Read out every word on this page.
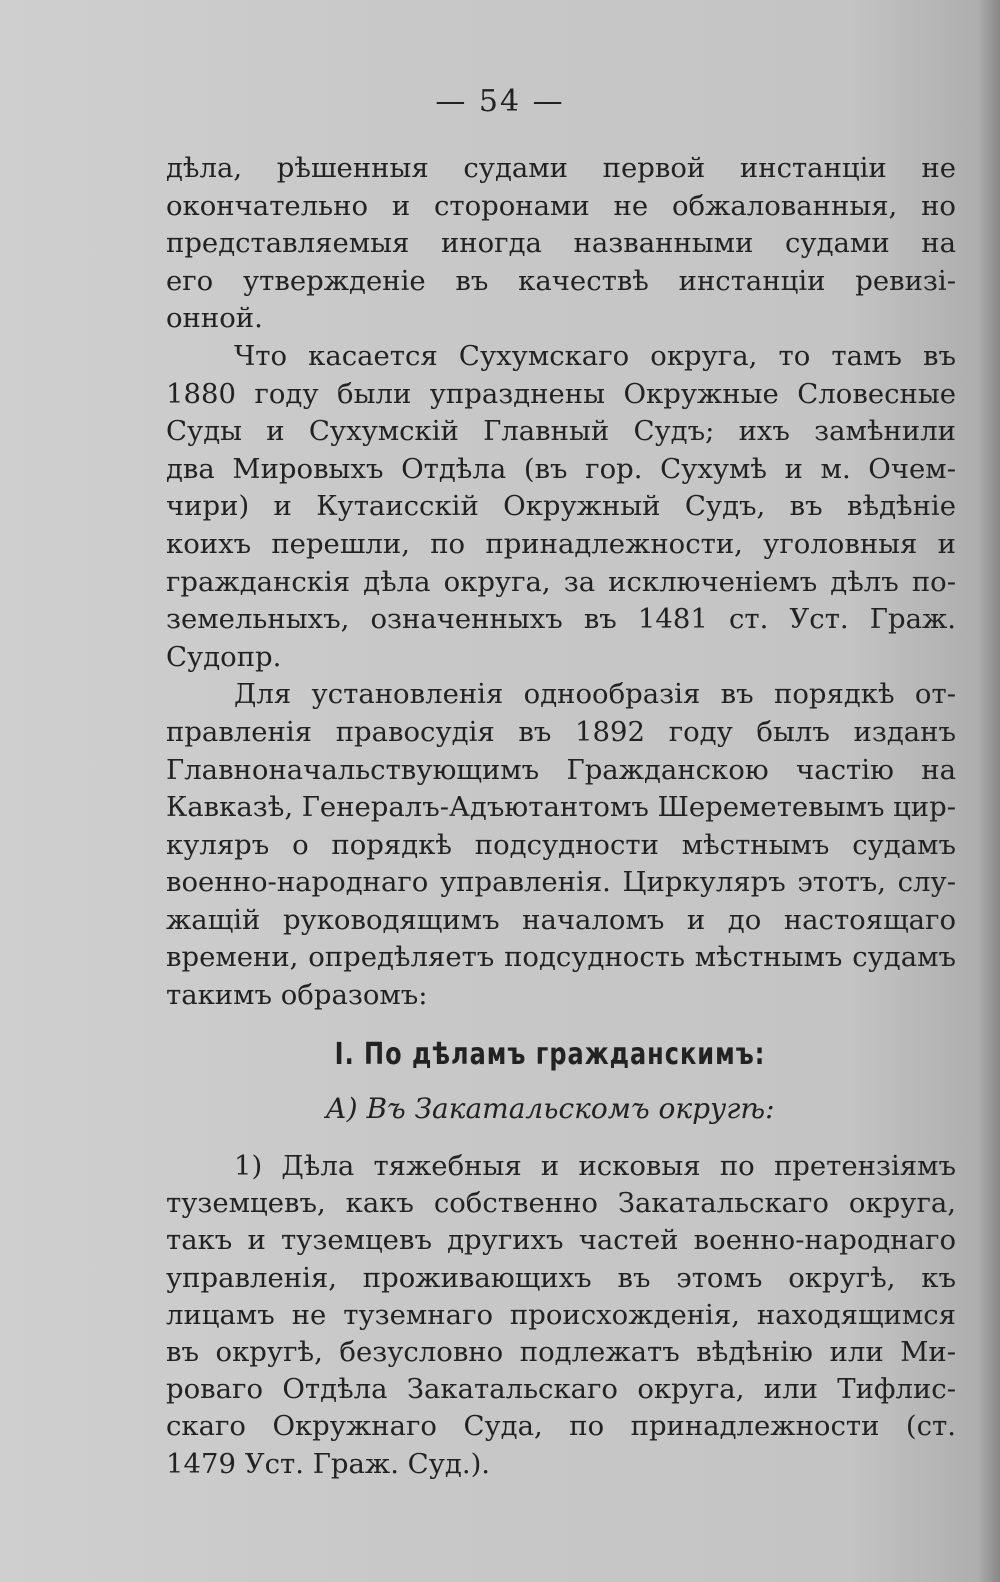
— 54 —

дѣла, рѣшенныя судами первой инстанціи не
окончательно и сторонами не обжалованныя, но
представляемыя иногда названными судами на
его утвержденіе въ качествѣ инстанціи ревизі-
онной.

Что касается Сухумскаго округа, то тамъ въ
1880 году были упразднены Окружные Словесные
Суды и Сухумскій Главный Судъ; ихъ замѣнили
два Мировыхъ Отдѣла (въ гор. Сухумѣ и м. Очем-
чири) и Кутаисскій Окружный Судъ, въ вѣдѣніе
коихъ перешли, по принадлежности, уголовныя и
гражданскія дѣла округа, за исключеніемъ дѣлъ по-
земельныхъ, означенныхъ въ 1481 ст. Уст. Граж.
Судопр.

Для установленія однообразія въ порядкѣ от-
правленія правосудія въ 1892 году былъ изданъ
Главноначальствующимъ Гражданскою частію на
Кавказѣ, Генералъ-Адъютантомъ Шереметевымъ цир-
куляръ о порядкѣ подсудности мѣстнымъ судамъ
военно-народнаго управленія. Циркуляръ этотъ, слу-
жащій руководящимъ началомъ и до настоящаго
времени, опредѣляетъ подсудность мѣстнымъ судамъ
такимъ образомъ:

I. По дѣламъ гражданскимъ:

А) Въ Закатальскомъ округѣ:

1) Дѣла тяжебныя и исковыя по претензіямъ
туземцевъ, какъ собственно Закатальскаго округа,
такъ и туземцевъ другихъ частей военно-народнаго
управленія, проживающихъ въ этомъ округѣ, къ
лицамъ не туземнаго происхожденія, находящимся
въ округѣ, безусловно подлежатъ вѣдѣнію или Ми-
роваго Отдѣла Закатальскаго округа, или Тифлис-
скаго Окружнаго Суда, по принадлежности (ст.
1479 Уст. Граж. Суд.).
